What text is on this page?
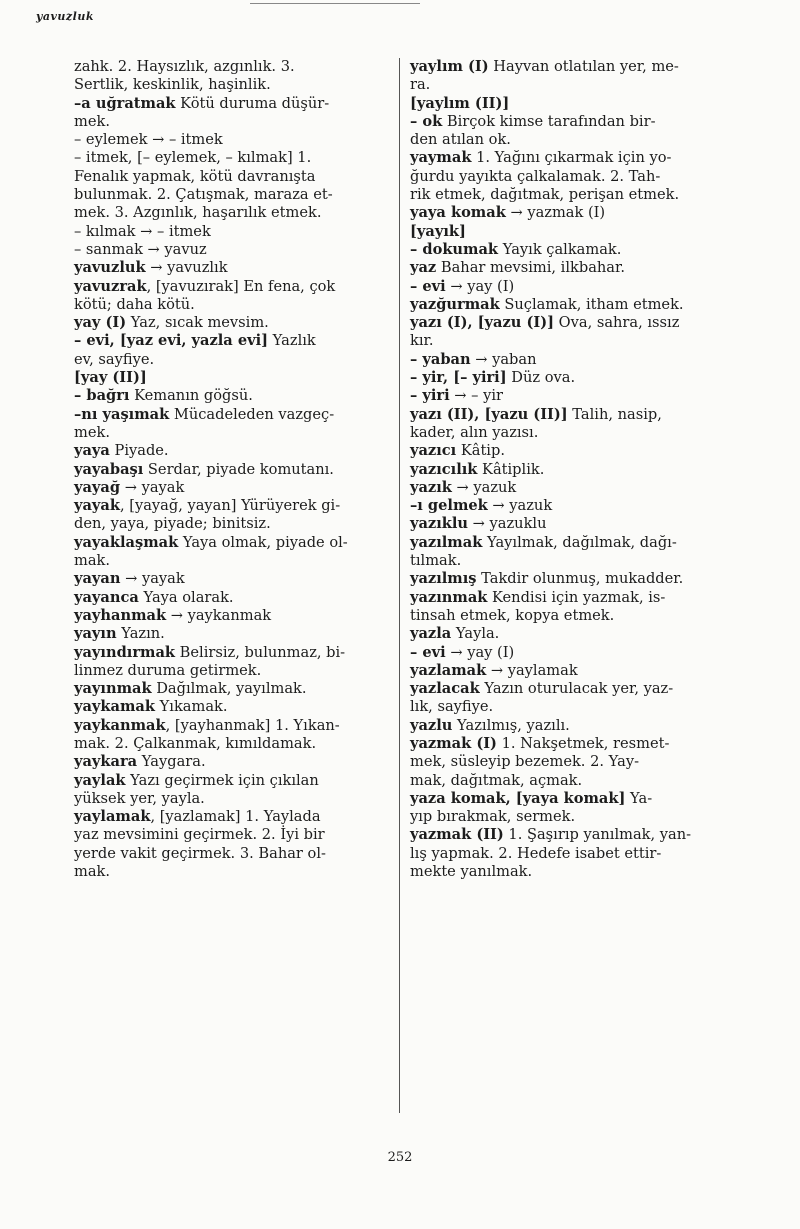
yavuzluk
zahk. 2. Haysızlık, azgınlık. 3.
Sertlik, keskinlik, haşinlik.
–a uğratmak Kötü duruma düşür-
mek.
– eylemek → – itmek
– itmek, [– eylemek, – kılmak] 1.
Fenalık yapmak, kötü davranışta
bulunmak. 2. Çatışmak, maraza et-
mek. 3. Azgınlık, haşarılık etmek.
– kılmak → – itmek
– sanmak → yavuz
yavuzluk → yavuzlık
yavuzrak, [yavuzırak] En fena, çok
kötü; daha kötü.
yay (I) Yaz, sıcak mevsim.
– evi, [yaz evi, yazla evi] Yazlık
ev, sayfiye.
[yay (II)]
– bağrı Kemanın göğsü.
–nı yaşımak Mücadeleden vazgeç-
mek.
yaya Piyade.
yayabaşı Serdar, piyade komutanı.
yayağ → yayak
yayak, [yayağ, yayan] Yürüyerek gi-
den, yaya, piyade; binitsiz.
yayaklaşmak Yaya olmak, piyade ol-
mak.
yayan → yayak
yayanca Yaya olarak.
yayhanmak → yaykanmak
yayın Yazın.
yayındırmak Belirsiz, bulunmaz, bi-
linmez duruma getirmek.
yayınmak Dağılmak, yayılmak.
yaykamak Yıkamak.
yaykanmak, [yayhanmak] 1. Yıkan-
mak. 2. Çalkanmak, kımıldamak.
yaykara Yaygara.
yaylak Yazı geçirmek için çıkılan
yüksek yer, yayla.
yaylamak, [yazlamak] 1. Yaylada
yaz mevsimini geçirmek. 2. İyi bir
yerde vakit geçirmek. 3. Bahar ol-
mak.
yaylım (I) Hayvan otlatılan yer, me-
ra.
[yaylım (II)]
– ok Birçok kimse tarafından bir-
den atılan ok.
yaymak 1. Yağını çıkarmak için yo-
ğurdu yayıkta çalkalamak. 2. Tah-
rik etmek, dağıtmak, perişan etmek.
yaya komak → yazmak (I)
[yayık]
– dokumak Yayık çalkamak.
yaz Bahar mevsimi, ilkbahar.
– evi → yay (I)
yazğurmak Suçlamak, itham etmek.
yazı (I), [yazu (I)] Ova, sahra, ıssız
kır.
– yaban → yaban
– yir, [– yiri] Düz ova.
– yiri → – yir
yazı (II), [yazu (II)] Talih, nasip,
kader, alın yazısı.
yazıcı Kâtip.
yazıcılık Kâtiplik.
yazık → yazuk
–ı gelmek → yazuk
yazıklu → yazuklu
yazılmak Yayılmak, dağılmak, dağı-
tılmak.
yazılmış Takdir olunmuş, mukadder.
yazınmak Kendisi için yazmak, is-
tinsah etmek, kopya etmek.
yazla Yayla.
– evi → yay (I)
yazlamak → yaylamak
yazlacak Yazın oturulacak yer, yaz-
lık, sayfiye.
yazlu Yazılmış, yazılı.
yazmak (I) 1. Nakşetmek, resmet-
mek, süsleyip bezemek. 2. Yay-
mak, dağıtmak, açmak.
yaza komak, [yaya komak] Ya-
yıp bırakmak, sermek.
yazmak (II) 1. Şaşırıp yanılmak, yan-
lış yapmak. 2. Hedefe isabet ettir-
mekte yanılmak.
252
